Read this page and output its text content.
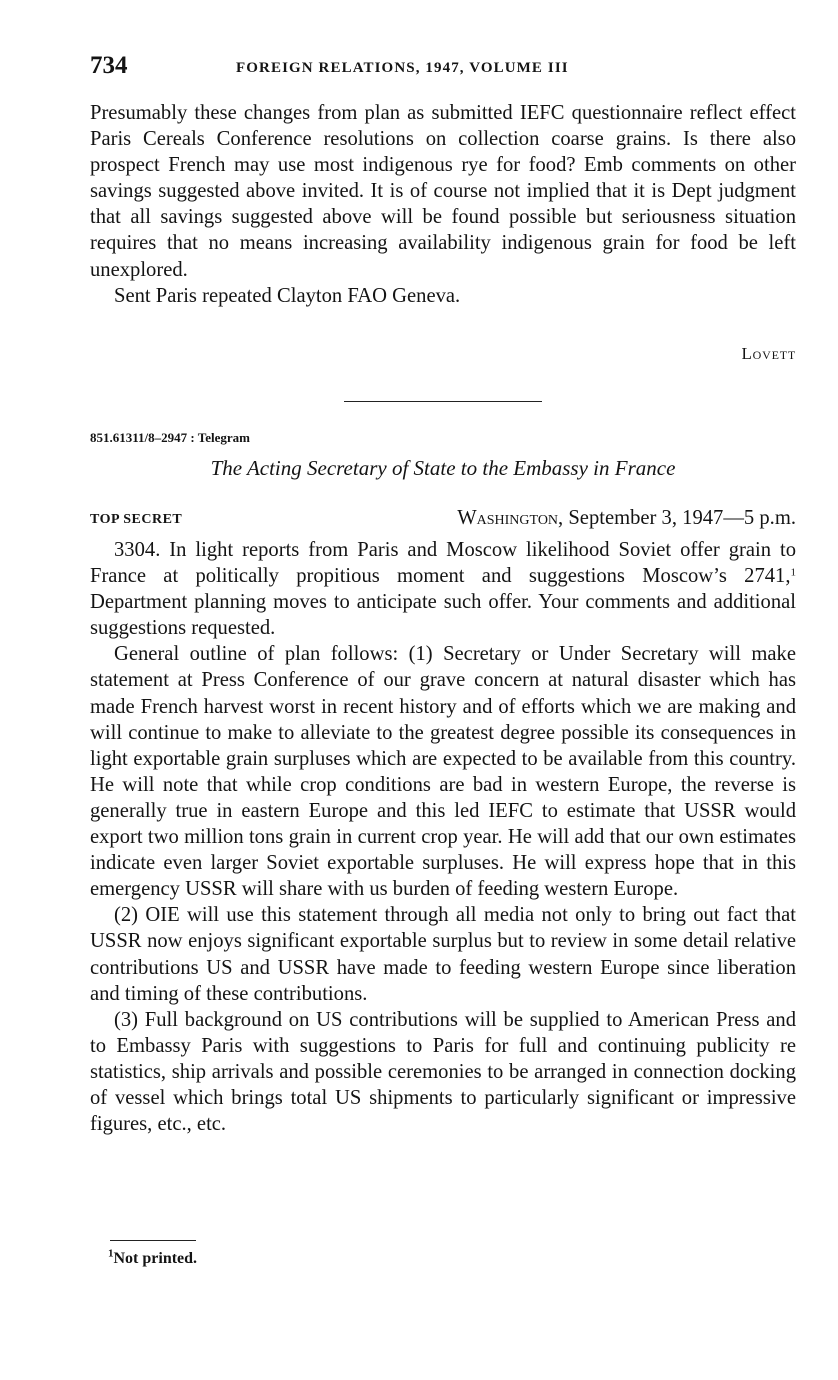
734	FOREIGN RELATIONS, 1947, VOLUME III

Presumably these changes from plan as submitted IEFC questionnaire reflect effect Paris Cereals Conference resolutions on collection coarse grains. Is there also prospect French may use most indigenous rye for food? Emb comments on other savings suggested above invited. It is of course not implied that it is Dept judgment that all savings suggested above will be found possible but seriousness situation requires that no means increasing availability indigenous grain for food be left unexplored.

Sent Paris repeated Clayton FAO Geneva.

Lovett
851.61311/8–2947 : Telegram
The Acting Secretary of State to the Embassy in France
TOP SECRET	Washington, September 3, 1947—5 p.m.

3304. In light reports from Paris and Moscow likelihood Soviet offer grain to France at politically propitious moment and suggestions Moscow’s 2741,$^1$ Department planning moves to anticipate such offer. Your comments and additional suggestions requested.

General outline of plan follows: (1) Secretary or Under Secretary will make statement at Press Conference of our grave concern at natural disaster which has made French harvest worst in recent history and of efforts which we are making and will continue to make to alleviate to the greatest degree possible its consequences in light exportable grain surpluses which are expected to be available from this country. He will note that while crop conditions are bad in western Europe, the reverse is generally true in eastern Europe and this led IEFC to estimate that USSR would export two million tons grain in current crop year. He will add that our own estimates indicate even larger Soviet exportable surpluses. He will express hope that in this emergency USSR will share with us burden of feeding western Europe.

(2) OIE will use this statement through all media not only to bring out fact that USSR now enjoys significant exportable surplus but to review in some detail relative contributions US and USSR have made to feeding western Europe since liberation and timing of these contributions.

(3) Full background on US contributions will be supplied to American Press and to Embassy Paris with suggestions to Paris for full and continuing publicity re statistics, ship arrivals and possible ceremonies to be arranged in connection docking of vessel which brings total US shipments to particularly significant or impressive figures, etc., etc.

$^1$Not printed.
